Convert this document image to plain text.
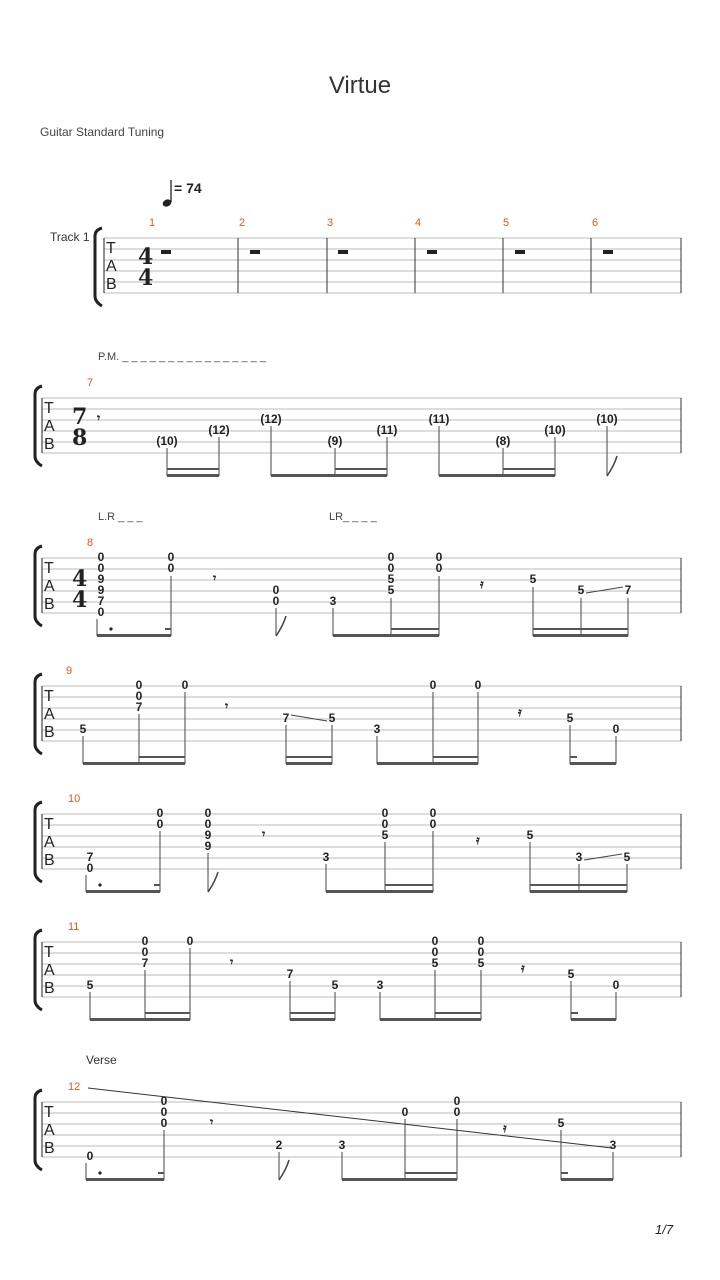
Virtue
Guitar Standard Tuning
= 74
Track 1
1/7
T
A
B
4
4
1	2	3	4	5	6
P.M. _ _ _ _ _ _ _ _ _ _ _ _ _ _ _ _
T
A
B
7
8
7
𝄾
(10)
(12)
(12)
(9)
(11)
(11)
(8)
(10)
(10)
L.R _ _ _	LR_ _ _ _
T
A
B
4
4
8
0
0
9
9
7
0
0
0
0
0	3
0
0
5
5
0
0
5
5	7
𝄾	𝄿
T
A
B
9
5
0	0
7
0
7	5
3
0	0
5
0
𝄾	𝄿
T
A
B
10
7
0
0
0
0
0
9
9
3
0
0
5
0
0
5
3	5
𝄾	𝄿
T
A
B
11
5
0	0
7
0
7
5	3
0
0
5
0
0
5
5
0
𝄾	𝄿
Verse
T
A
B
12
0
0
0
0
2	3
0
0
0
5
3
𝄾	𝄿
